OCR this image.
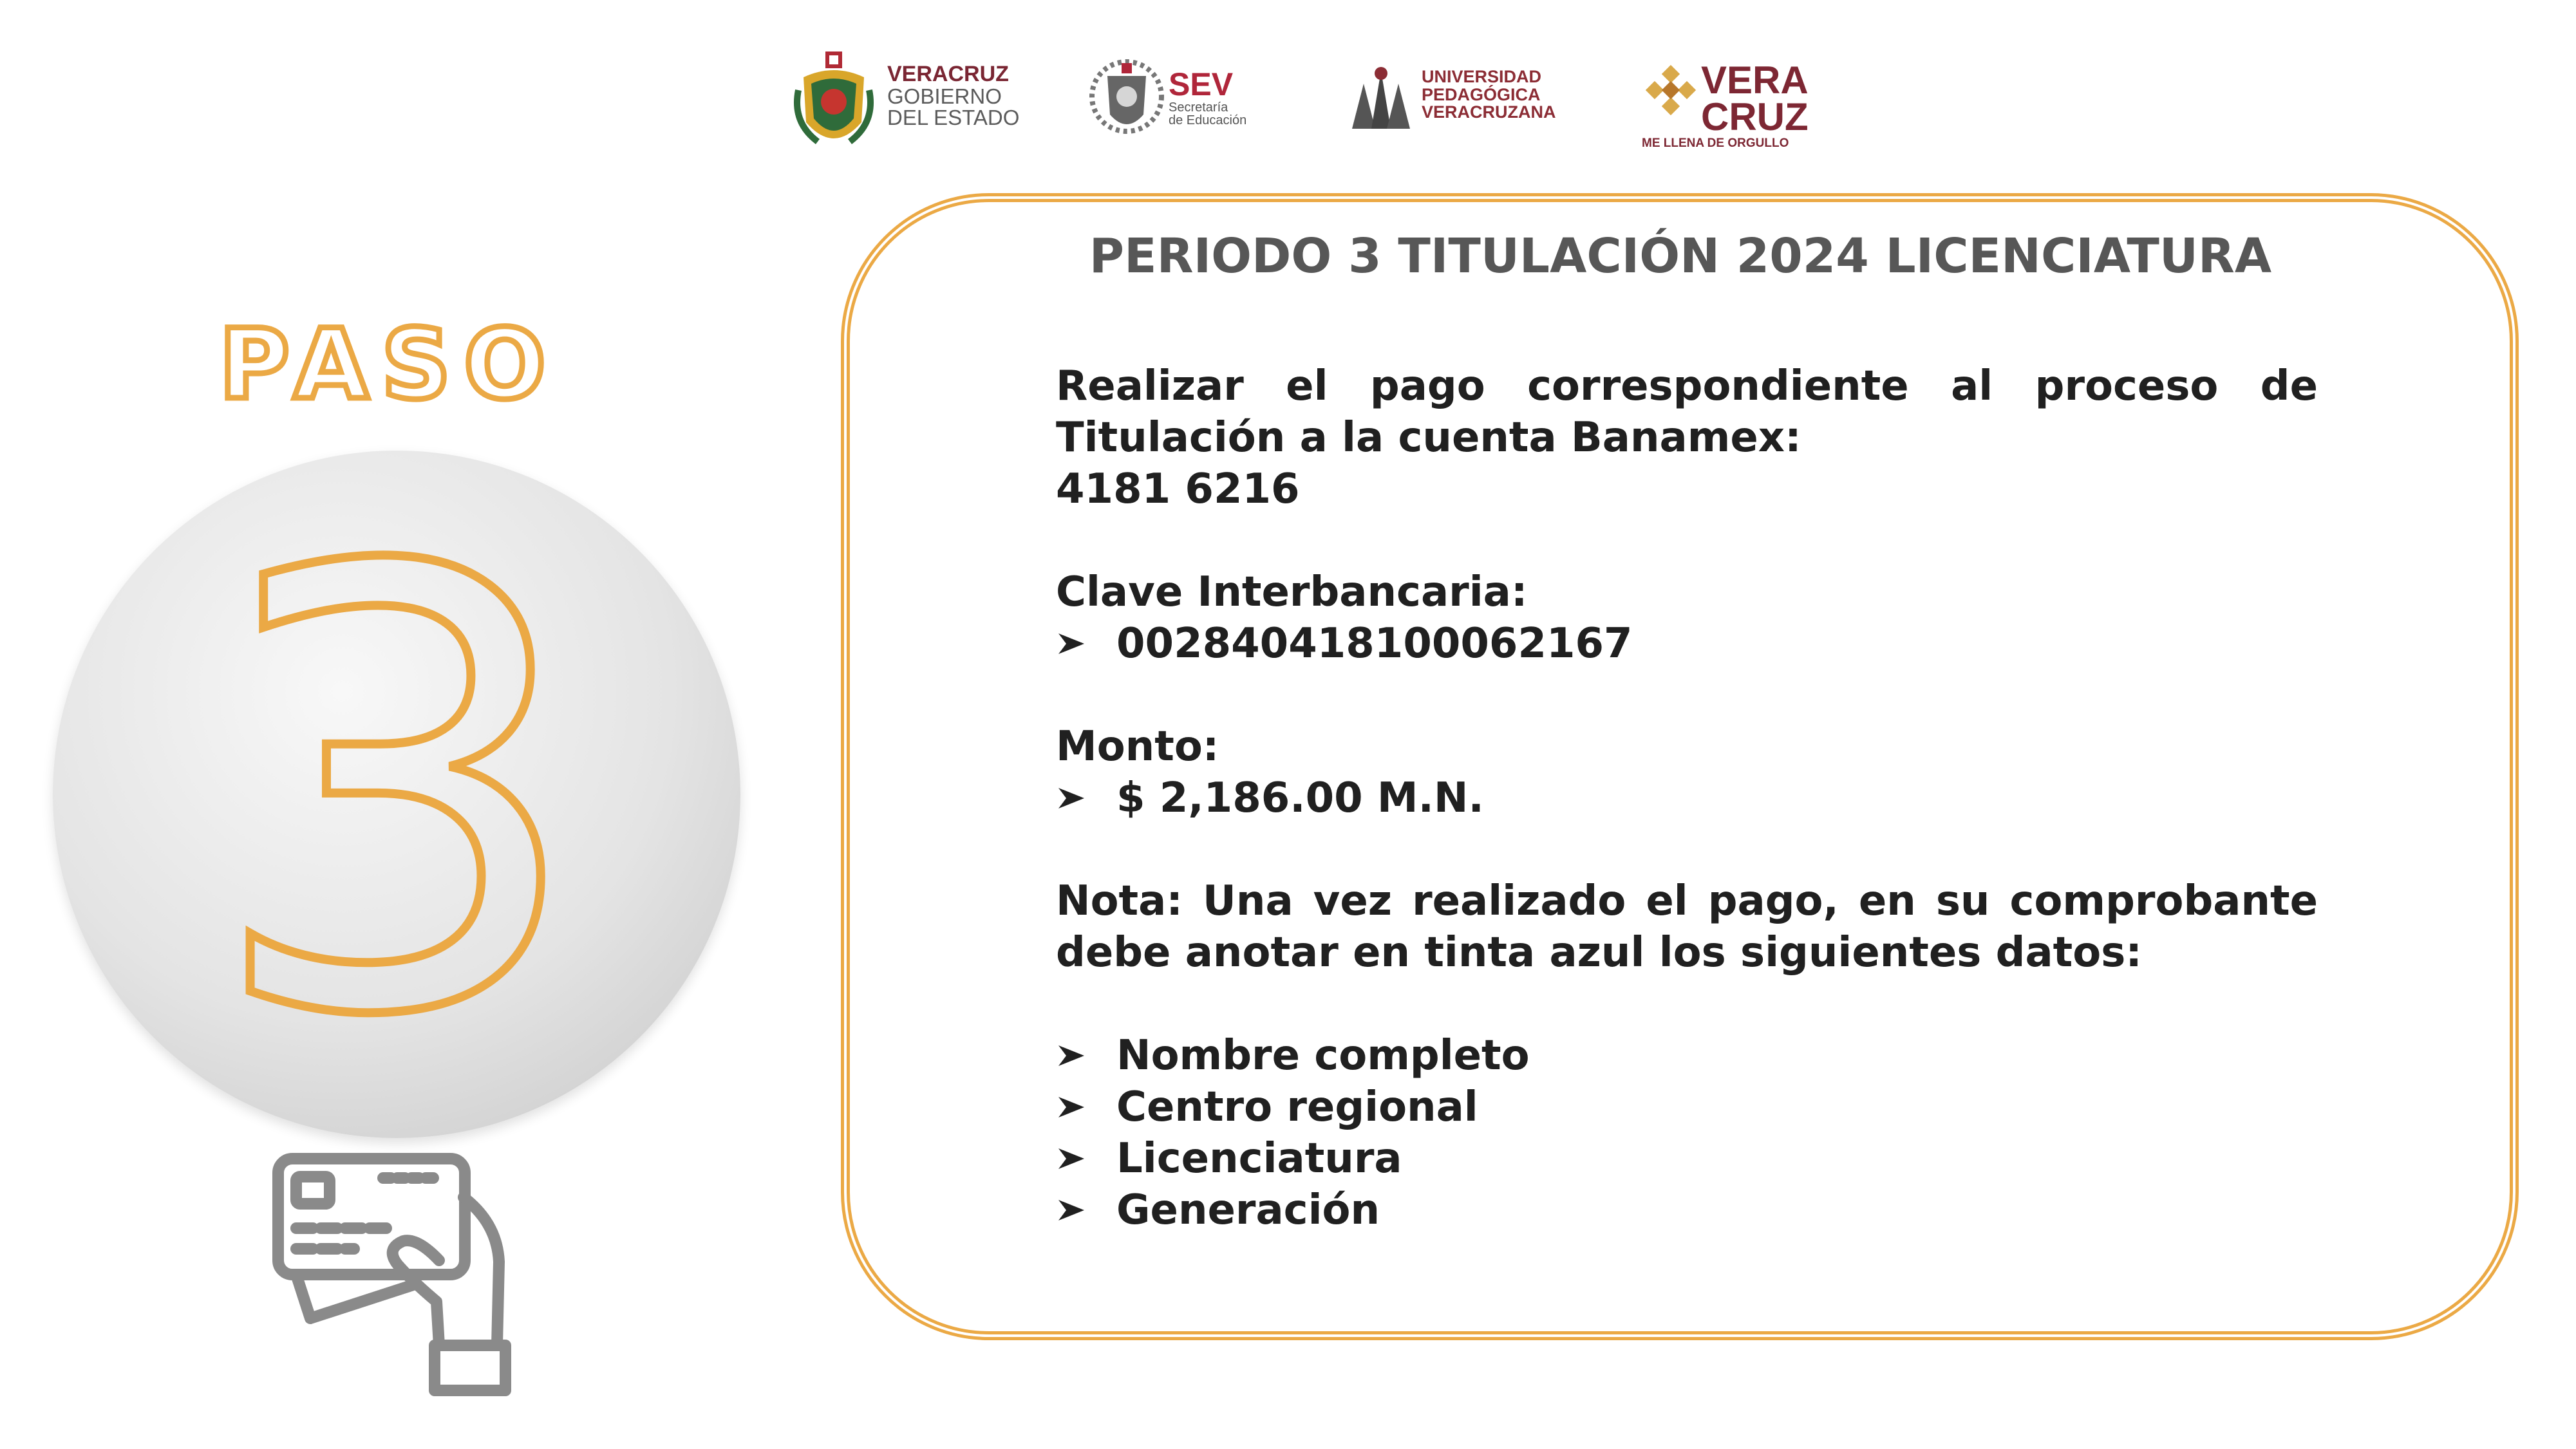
VERACRUZ
GOBIERNO
DEL ESTADO
SEV
Secretaría
de Educación
UNIVERSIDAD
PEDAGÓGICA
VERACRUZANA
VERA
CRUZ
ME LLENA DE ORGULLO
PASO
3
PERIODO 3 TITULACIÓN 2024 LICENCIATURA

Realizar el pago correspondiente al proceso de Titulación a la cuenta Banamex:

4181 6216

Clave Interbancaria:

002840418100062167

Monto:

$ 2,186.00 M.N.

Nota: Una vez realizado el pago, en su comprobante debe anotar en tinta azul los siguientes datos:

Nombre completo

Centro regional

Licenciatura

Generación
